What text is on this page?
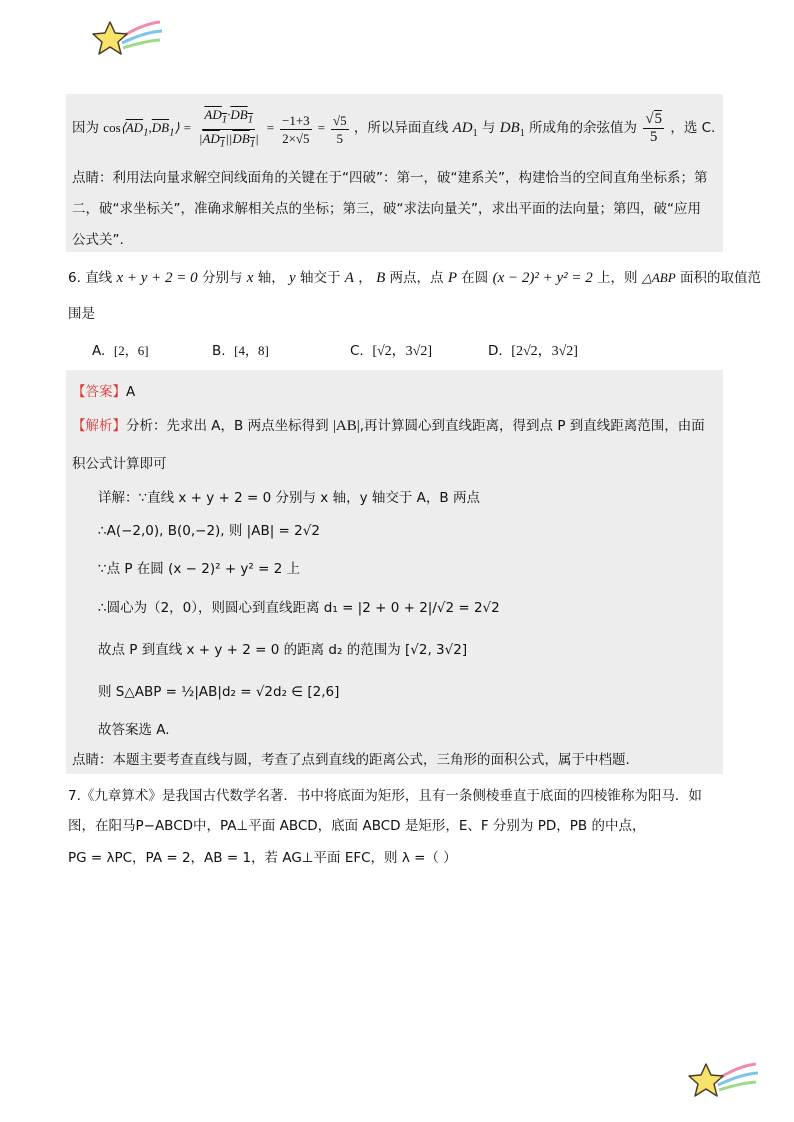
因为 $\cos⟨\overline{AD}_1,\overline{DB}_1⟩ = \frac{AD_1\cdot DB_1}{|AD_1||DB_1|} = \frac{-1+3}{2\times√5} = \frac{√5}{5}$ ，所以异面直线 $AD_1$ 与 $DB_1$ 所成角的余弦值为 $\frac{√5}{5}$ ，选 C.
点睛：利用法向量求解空间线面角的关键在于“四破”：第一，破“建系关”，构建恰当的空间直角坐标系；第
二，破“求坐标关”，准确求解相关点的坐标；第三，破“求法向量关”，求出平面的法向量；第四，破“应用
公式关”.
6. 直线 x + y + 2 = 0 分别与 x 轴， y 轴交于 A ， B 两点，点 P 在圆 (x − 2)² + y² = 2 上，则 △ABP 面积的取值范
围是
A. [2，6]	B. [4，8]	C. [√2，3√2]	D. [2√2，3√2]
【答案】A
【解析】分析：先求出 A，B 两点坐标得到 |AB|,再计算圆心到直线距离，得到点 P 到直线距离范围，由面
积公式计算即可
详解：∵直线 x + y + 2 = 0 分别与 x 轴，y 轴交于 A，B 两点
∴A(−2,0), B(0,−2), 则 |AB| = 2√2
∵点 P 在圆 (x − 2)² + y² = 2 上
∴圆心为（2，0），则圆心到直线距离 d₁ = |2 + 0 + 2|/√2 = 2√2
故点 P 到直线 x + y + 2 = 0 的距离 d₂ 的范围为 [√2, 3√2]
则 S△ABP = ½|AB|d₂ = √2d₂ ∈ [2,6]
故答案选 A.
点睛：本题主要考查直线与圆，考查了点到直线的距离公式，三角形的面积公式，属于中档题.
7.《九章算术》是我国古代数学名著．书中将底面为矩形，且有一条侧棱垂直于底面的四棱锥称为阳马．如
图，在阳马P−ABCD中，PA⊥平面 ABCD，底面 ABCD 是矩形，E、F 分别为 PD，PB 的中点，
PG = λPC，PA = 2，AB = 1，若 AG⊥平面 EFC，则 λ =（ ）
